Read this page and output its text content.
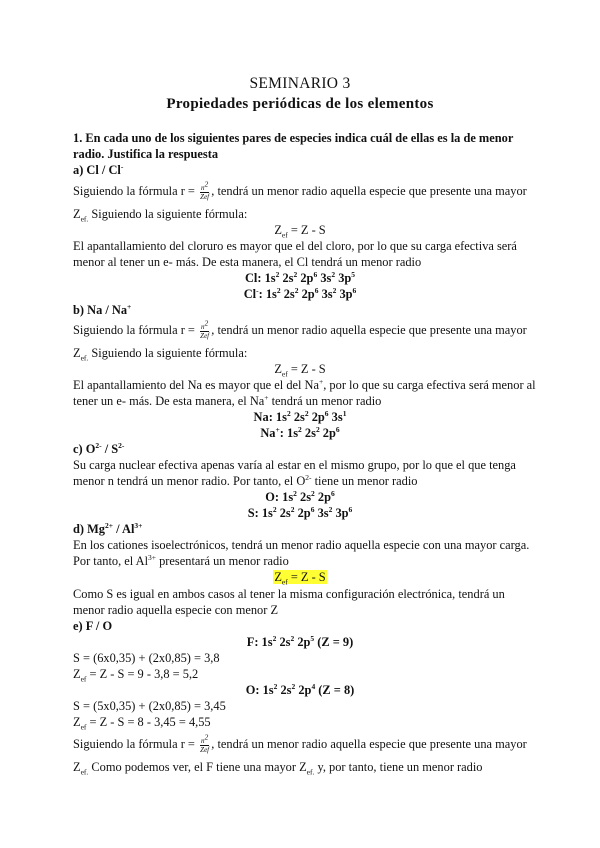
SEMINARIO 3
Propiedades periódicas de los elementos
1. En cada uno de los siguientes pares de especies indica cuál de ellas es la de menor
radio. Justifica la respuesta
a) Cl / Cl-
Siguiendo la fórmula $r = \frac{n^2}{\text{Zef}}$ , tendrá un menor radio aquella especie que presente una mayor
$Z_{ef.}$ Siguiendo la siguiente fórmula:
$Z_{ef} = Z - S$
El apantallamiento del cloruro es mayor que el del cloro, por lo que su carga efectiva será
menor al tener un e- más. De esta manera, el Cl tendrá un menor radio
Cl: $1s^2$ $2s^2$ $2p^6$ $3s^2$ $3p^5$
Cl-: $1s^2$ $2s^2$ $2p^6$ $3s^2$ $3p^6$
b) Na / Na+
Siguiendo la fórmula $r = \frac{n^2}{\text{Zef}}$ , tendrá un menor radio aquella especie que presente una mayor
$Z_{ef.}$ Siguiendo la siguiente fórmula:
$Z_{ef} = Z - S$
El apantallamiento del Na es mayor que el del Na+, por lo que su carga efectiva será menor al
tener un e- más. De esta manera, el Na+ tendrá un menor radio
Na: $1s^2$ $2s^2$ $2p^6$ $3s^1$
Na+: $1s^2$ $2s^2$ $2p^6$
c) $O^{2-} / S^{2-}$
Su carga nuclear efectiva apenas varía al estar en el mismo grupo, por lo que el que tenga
menor n tendrá un menor radio. Por tanto, el $O^{2-}$ tiene un menor radio
O: $1s^2$ $2s^2$ $2p^6$
S: $1s^2$ $2s^2$ $2p^6$ $3s^2$ $3p^6$
d) $Mg^{2+} / Al^{3+}$
En los cationes isoelectrónicos, tendrá un menor radio aquella especie con una mayor carga.
Por tanto, el $Al^{3+}$ presentará un menor radio
$Z_{ef} = Z - S$
Como S es igual en ambos casos al tener la misma configuración electrónica, tendrá un
menor radio aquella especie con menor Z
e) F / O
F: $1s^2$ $2s^2$ $2p^5$ (Z = 9)
S = (6x0,35) + (2x0,85) = 3,8
$Z_{ef} = Z - S = 9 - 3,8 = 5,2$
O: $1s^2$ $2s^2$ $2p^4$ (Z = 8)
S = (5x0,35) + (2x0,85) = 3,45
$Z_{ef} = Z - S = 8 - 3,45 = 4,55$
Siguiendo la fórmula $r = \frac{n^2}{\text{Zef}}$ , tendrá un menor radio aquella especie que presente una mayor
$Z_{ef.}$ Como podemos ver, el F tiene una mayor $Z_{ef.}$ y, por tanto, tiene un menor radio
